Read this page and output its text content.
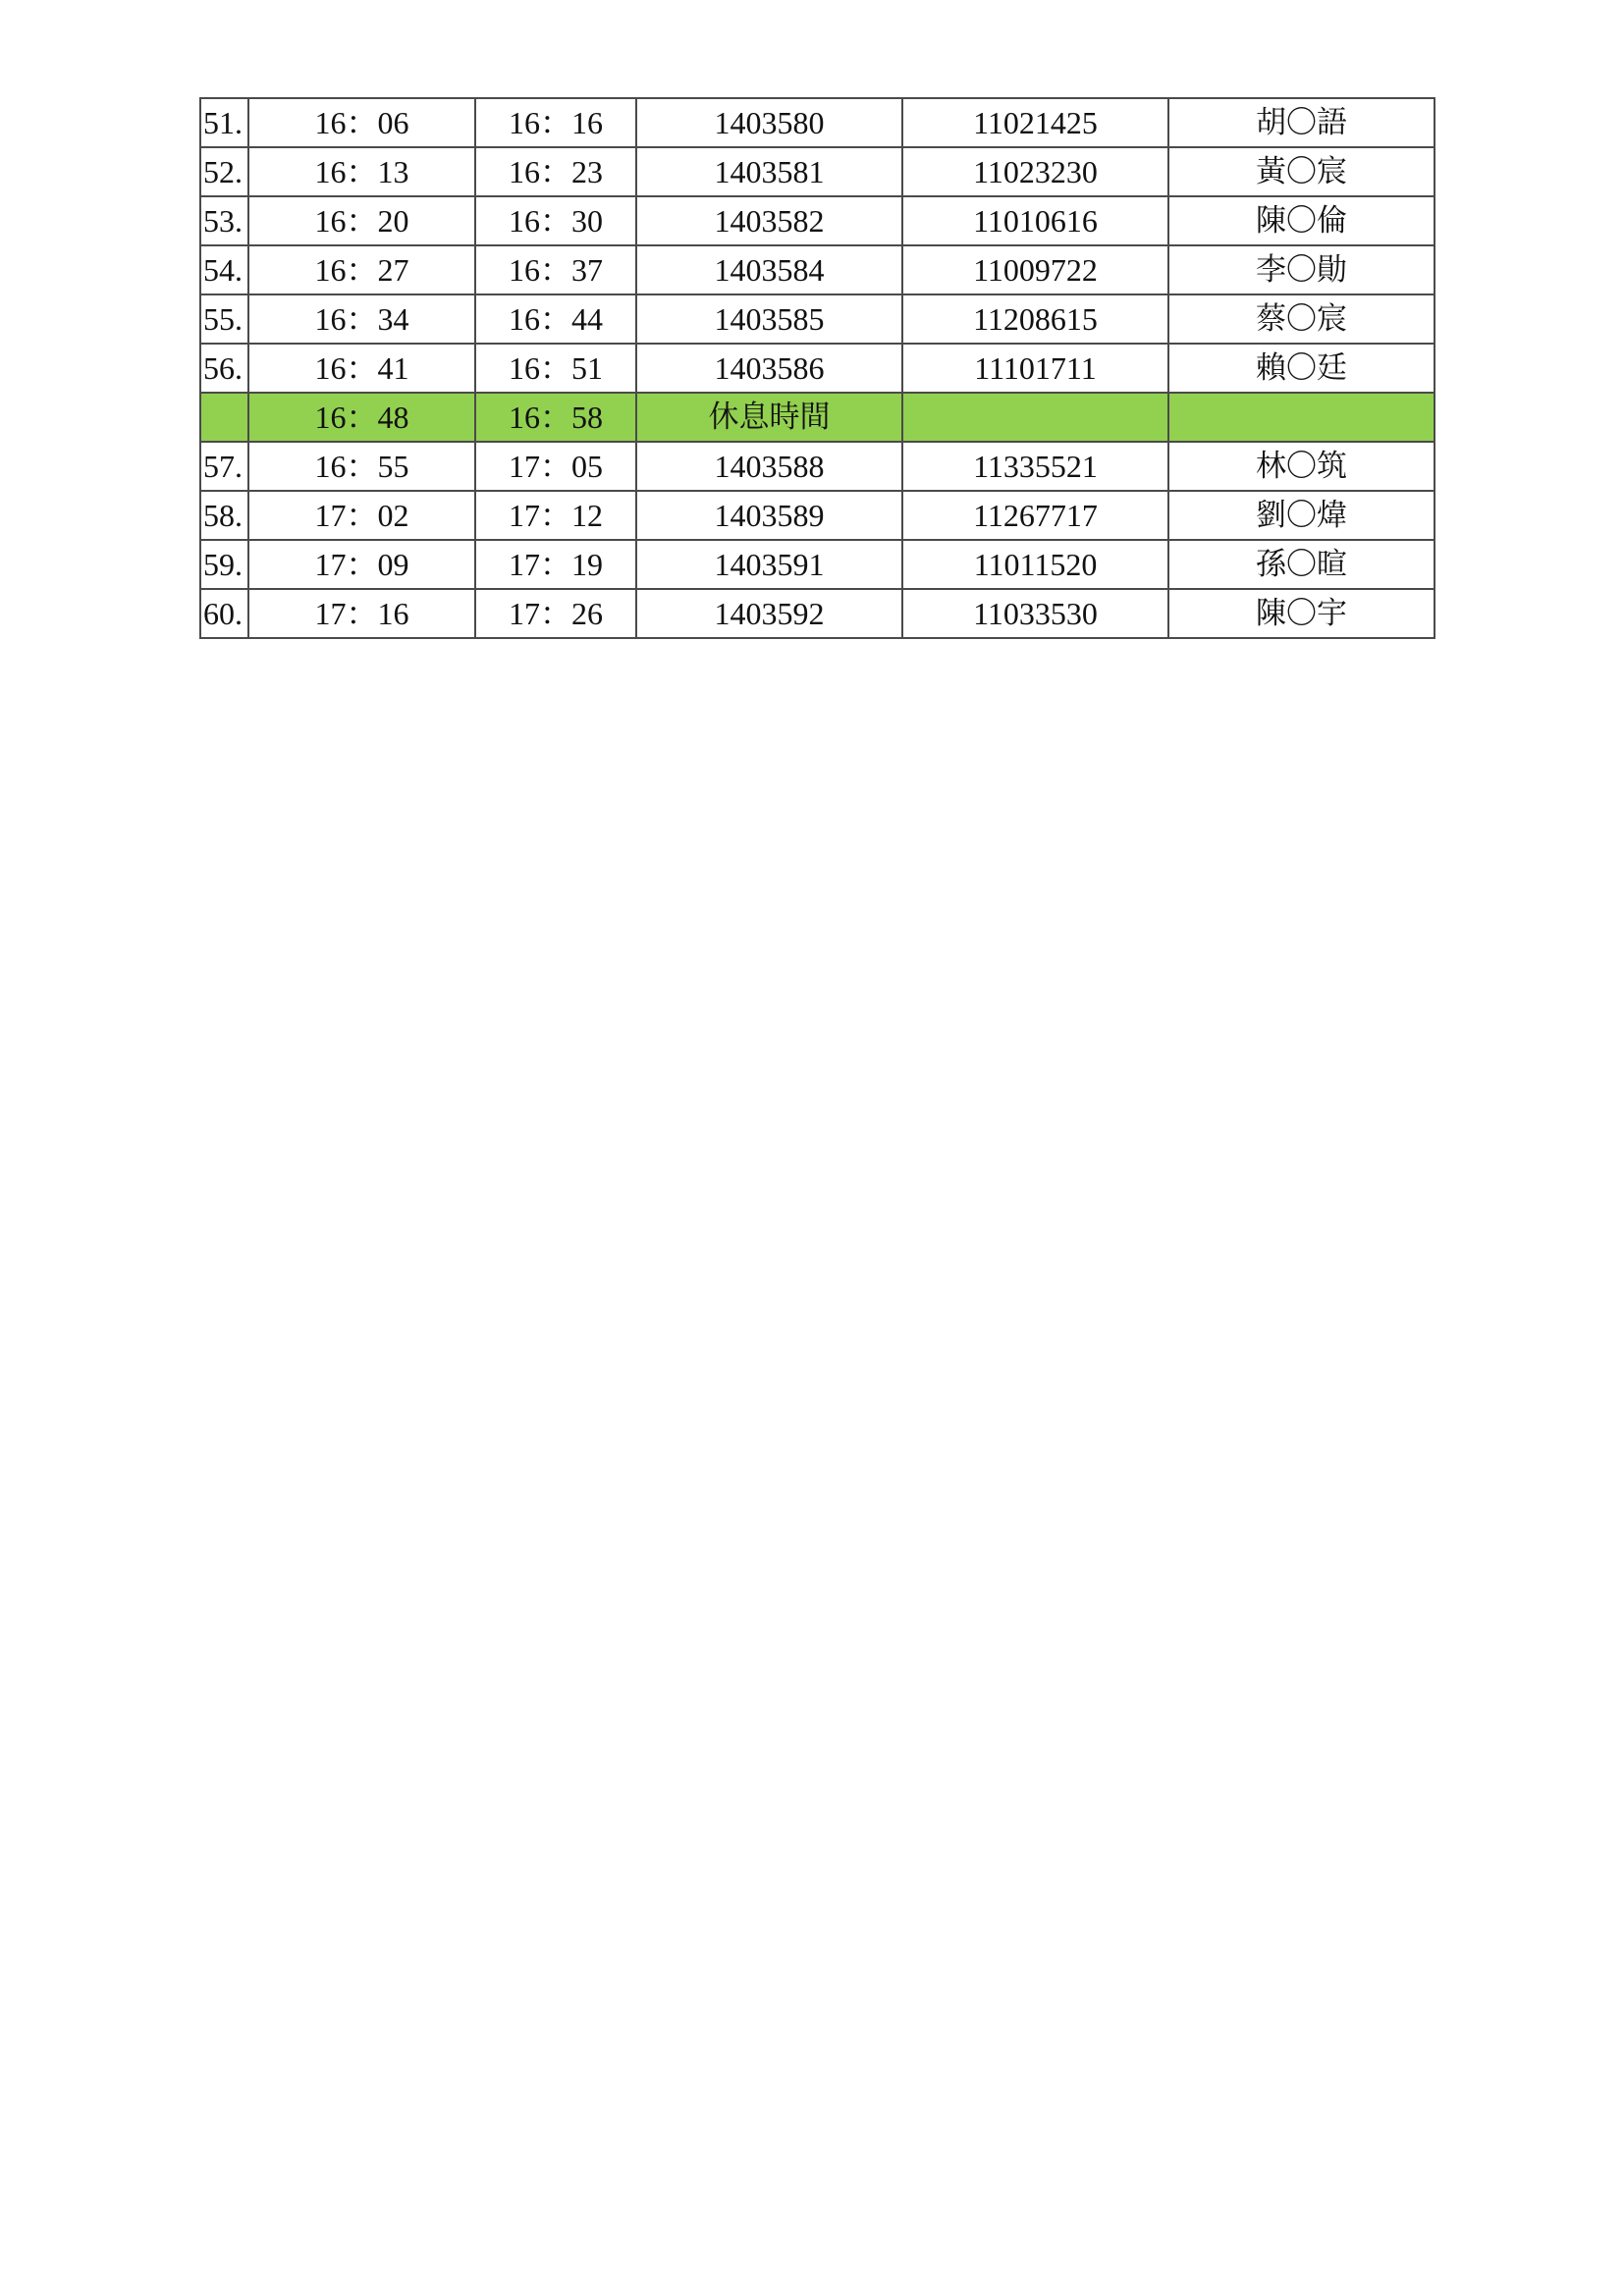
51.	16：06	16：16	1403580	11021425	胡〇語
52.	16：13	16：23	1403581	11023230	黃〇宸
53.	16：20	16：30	1403582	11010616	陳〇倫
54.	16：27	16：37	1403584	11009722	李〇勛
55.	16：34	16：44	1403585	11208615	蔡〇宸
56.	16：41	16：51	1403586	11101711	賴〇廷
	16：48	16：58	休息時間		
57.	16：55	17：05	1403588	11335521	林〇筑
58.	17：02	17：12	1403589	11267717	劉〇煒
59.	17：09	17：19	1403591	11011520	孫〇暄
60.	17：16	17：26	1403592	11033530	陳〇宇
